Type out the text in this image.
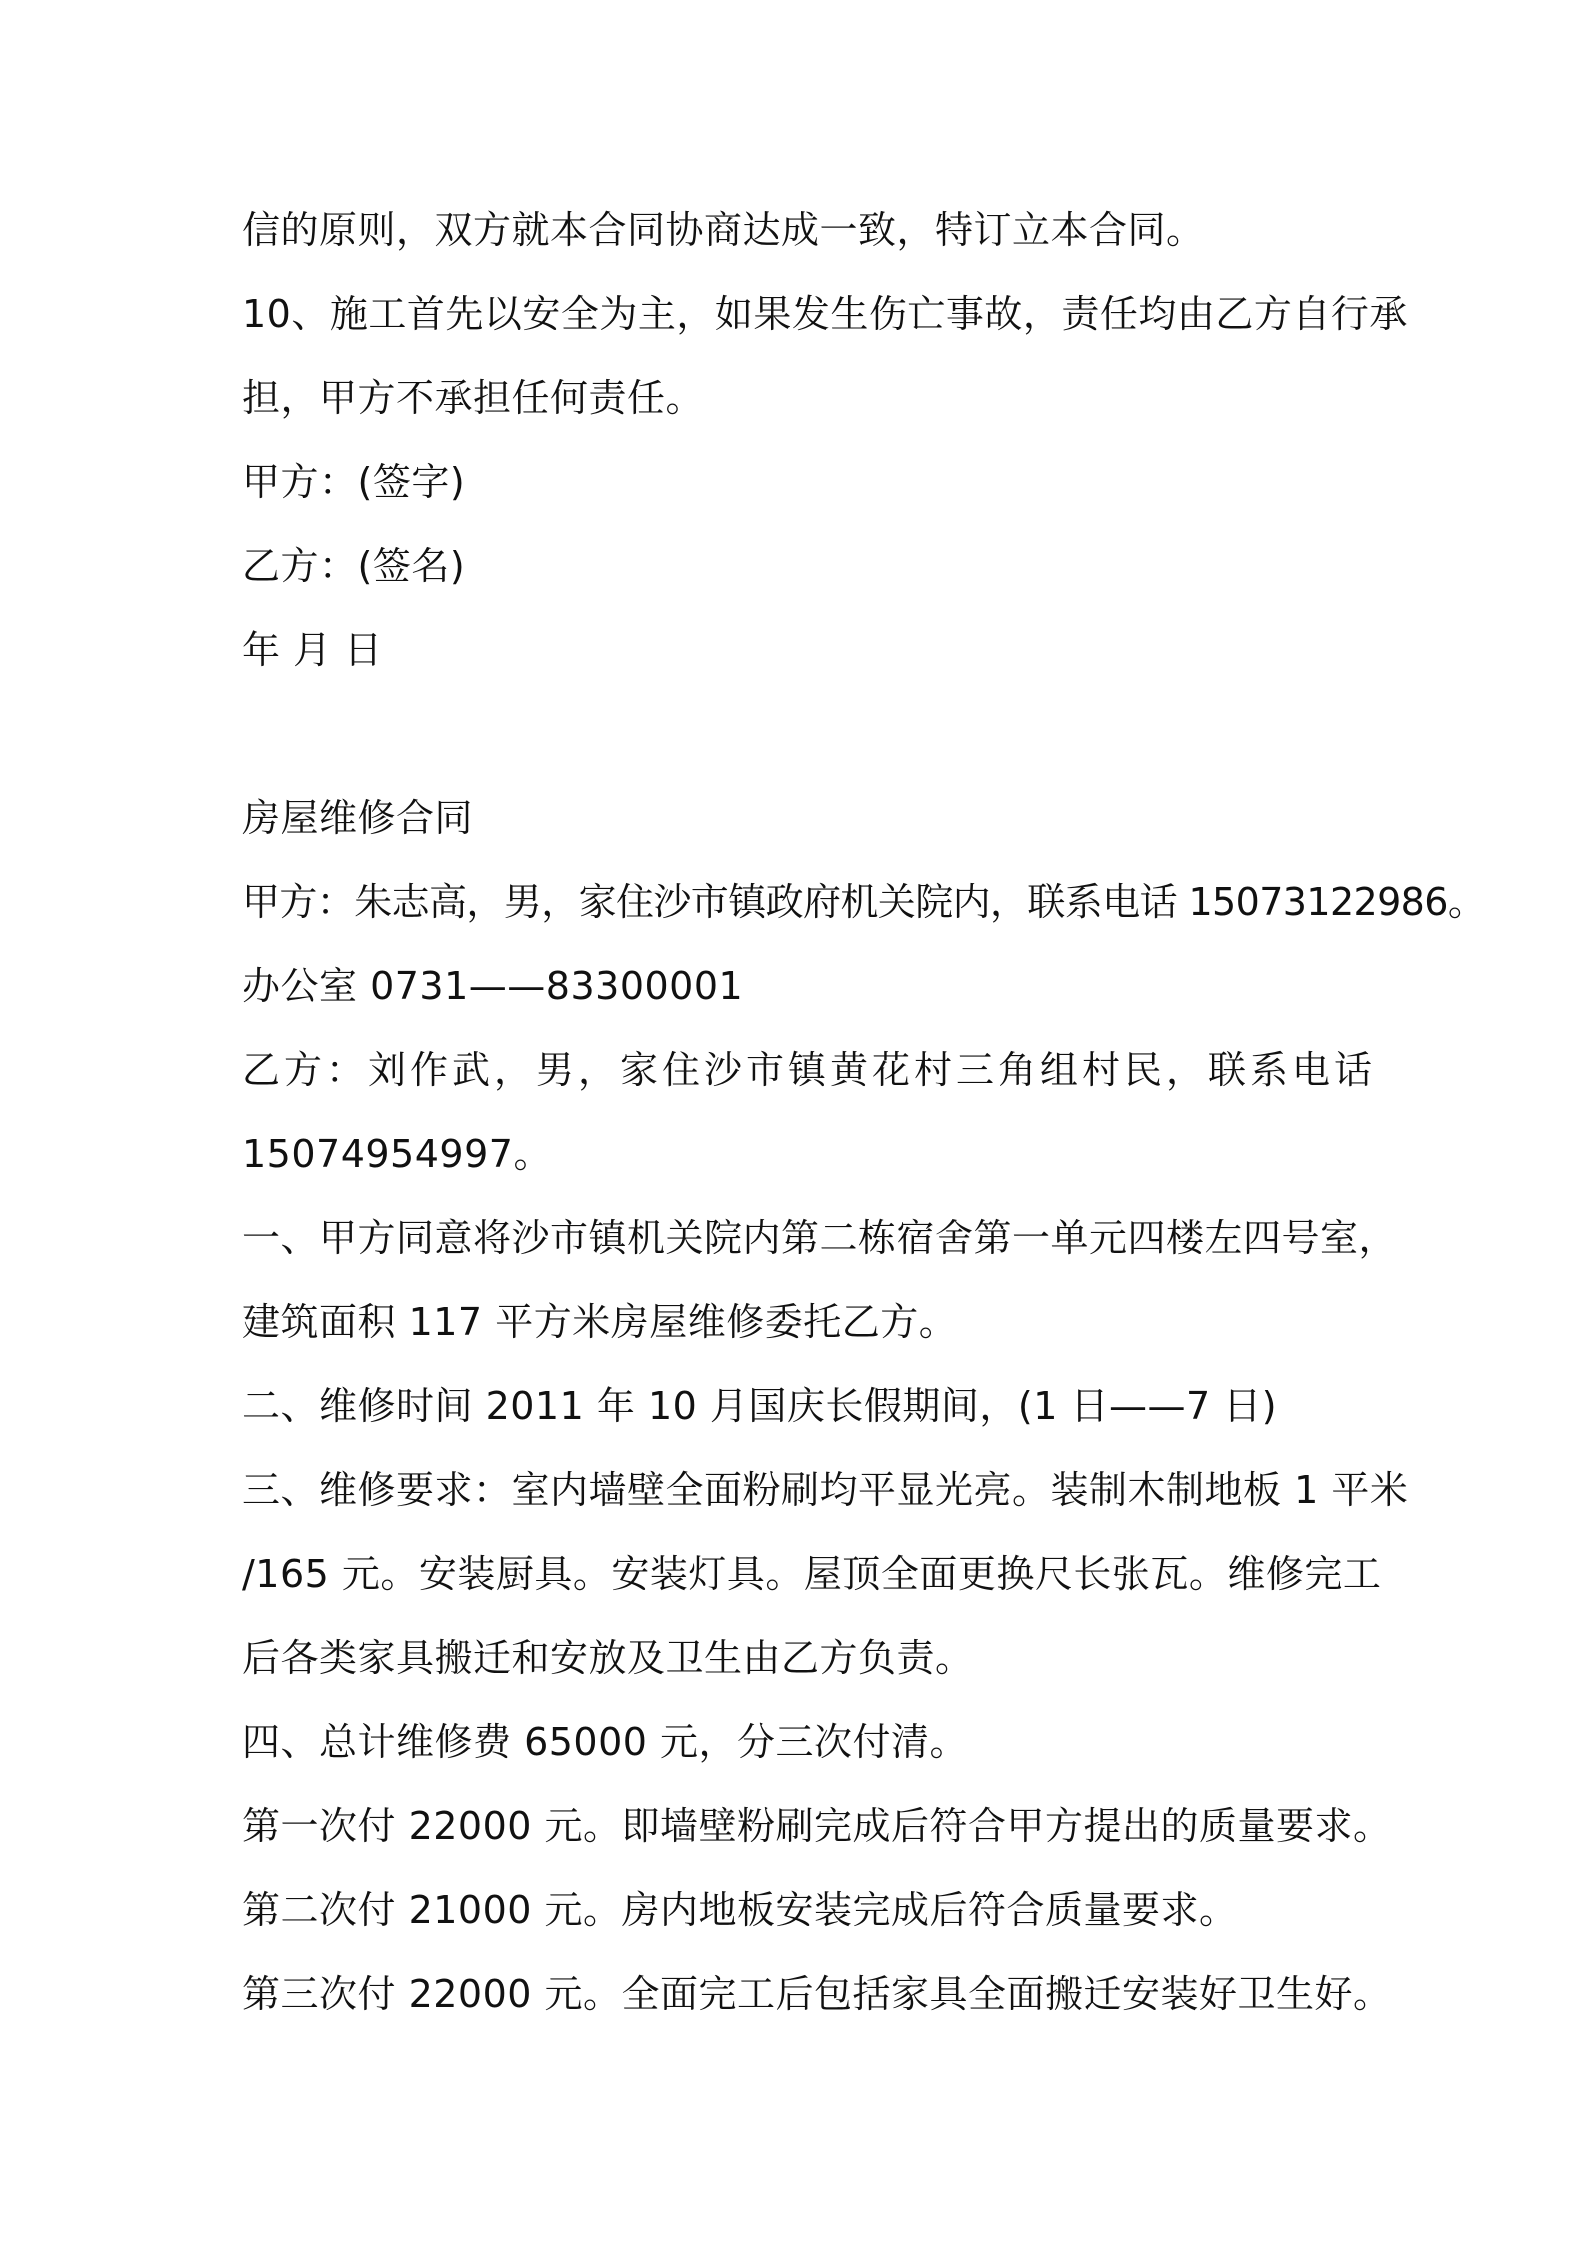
信的原则，双方就本合同协商达成一致，特订立本合同。
10、施工首先以安全为主，如果发生伤亡事故，责任均由乙方自行承
担，甲方不承担任何责任。
甲方：(签字)
乙方：(签名)
年 月 日
房屋维修合同
甲方：朱志高，男，家住沙市镇政府机关院内，联系电话 15073122986。
办公室 0731——83300001
乙方：刘作武，男，家住沙市镇黄花村三角组村民，联系电话
15074954997。
一、甲方同意将沙市镇机关院内第二栋宿舍第一单元四楼左四号室，
建筑面积 117 平方米房屋维修委托乙方。
二、维修时间 2011 年 10 月国庆长假期间，(1 日——7 日)
三、维修要求：室内墙壁全面粉刷均平显光亮。装制木制地板 1 平米
/165 元。安装厨具。安装灯具。屋顶全面更换尺长张瓦。维修完工
后各类家具搬迁和安放及卫生由乙方负责。
四、总计维修费 65000 元，分三次付清。
第一次付 22000 元。即墙壁粉刷完成后符合甲方提出的质量要求。
第二次付 21000 元。房内地板安装完成后符合质量要求。
第三次付 22000 元。全面完工后包括家具全面搬迁安装好卫生好。
